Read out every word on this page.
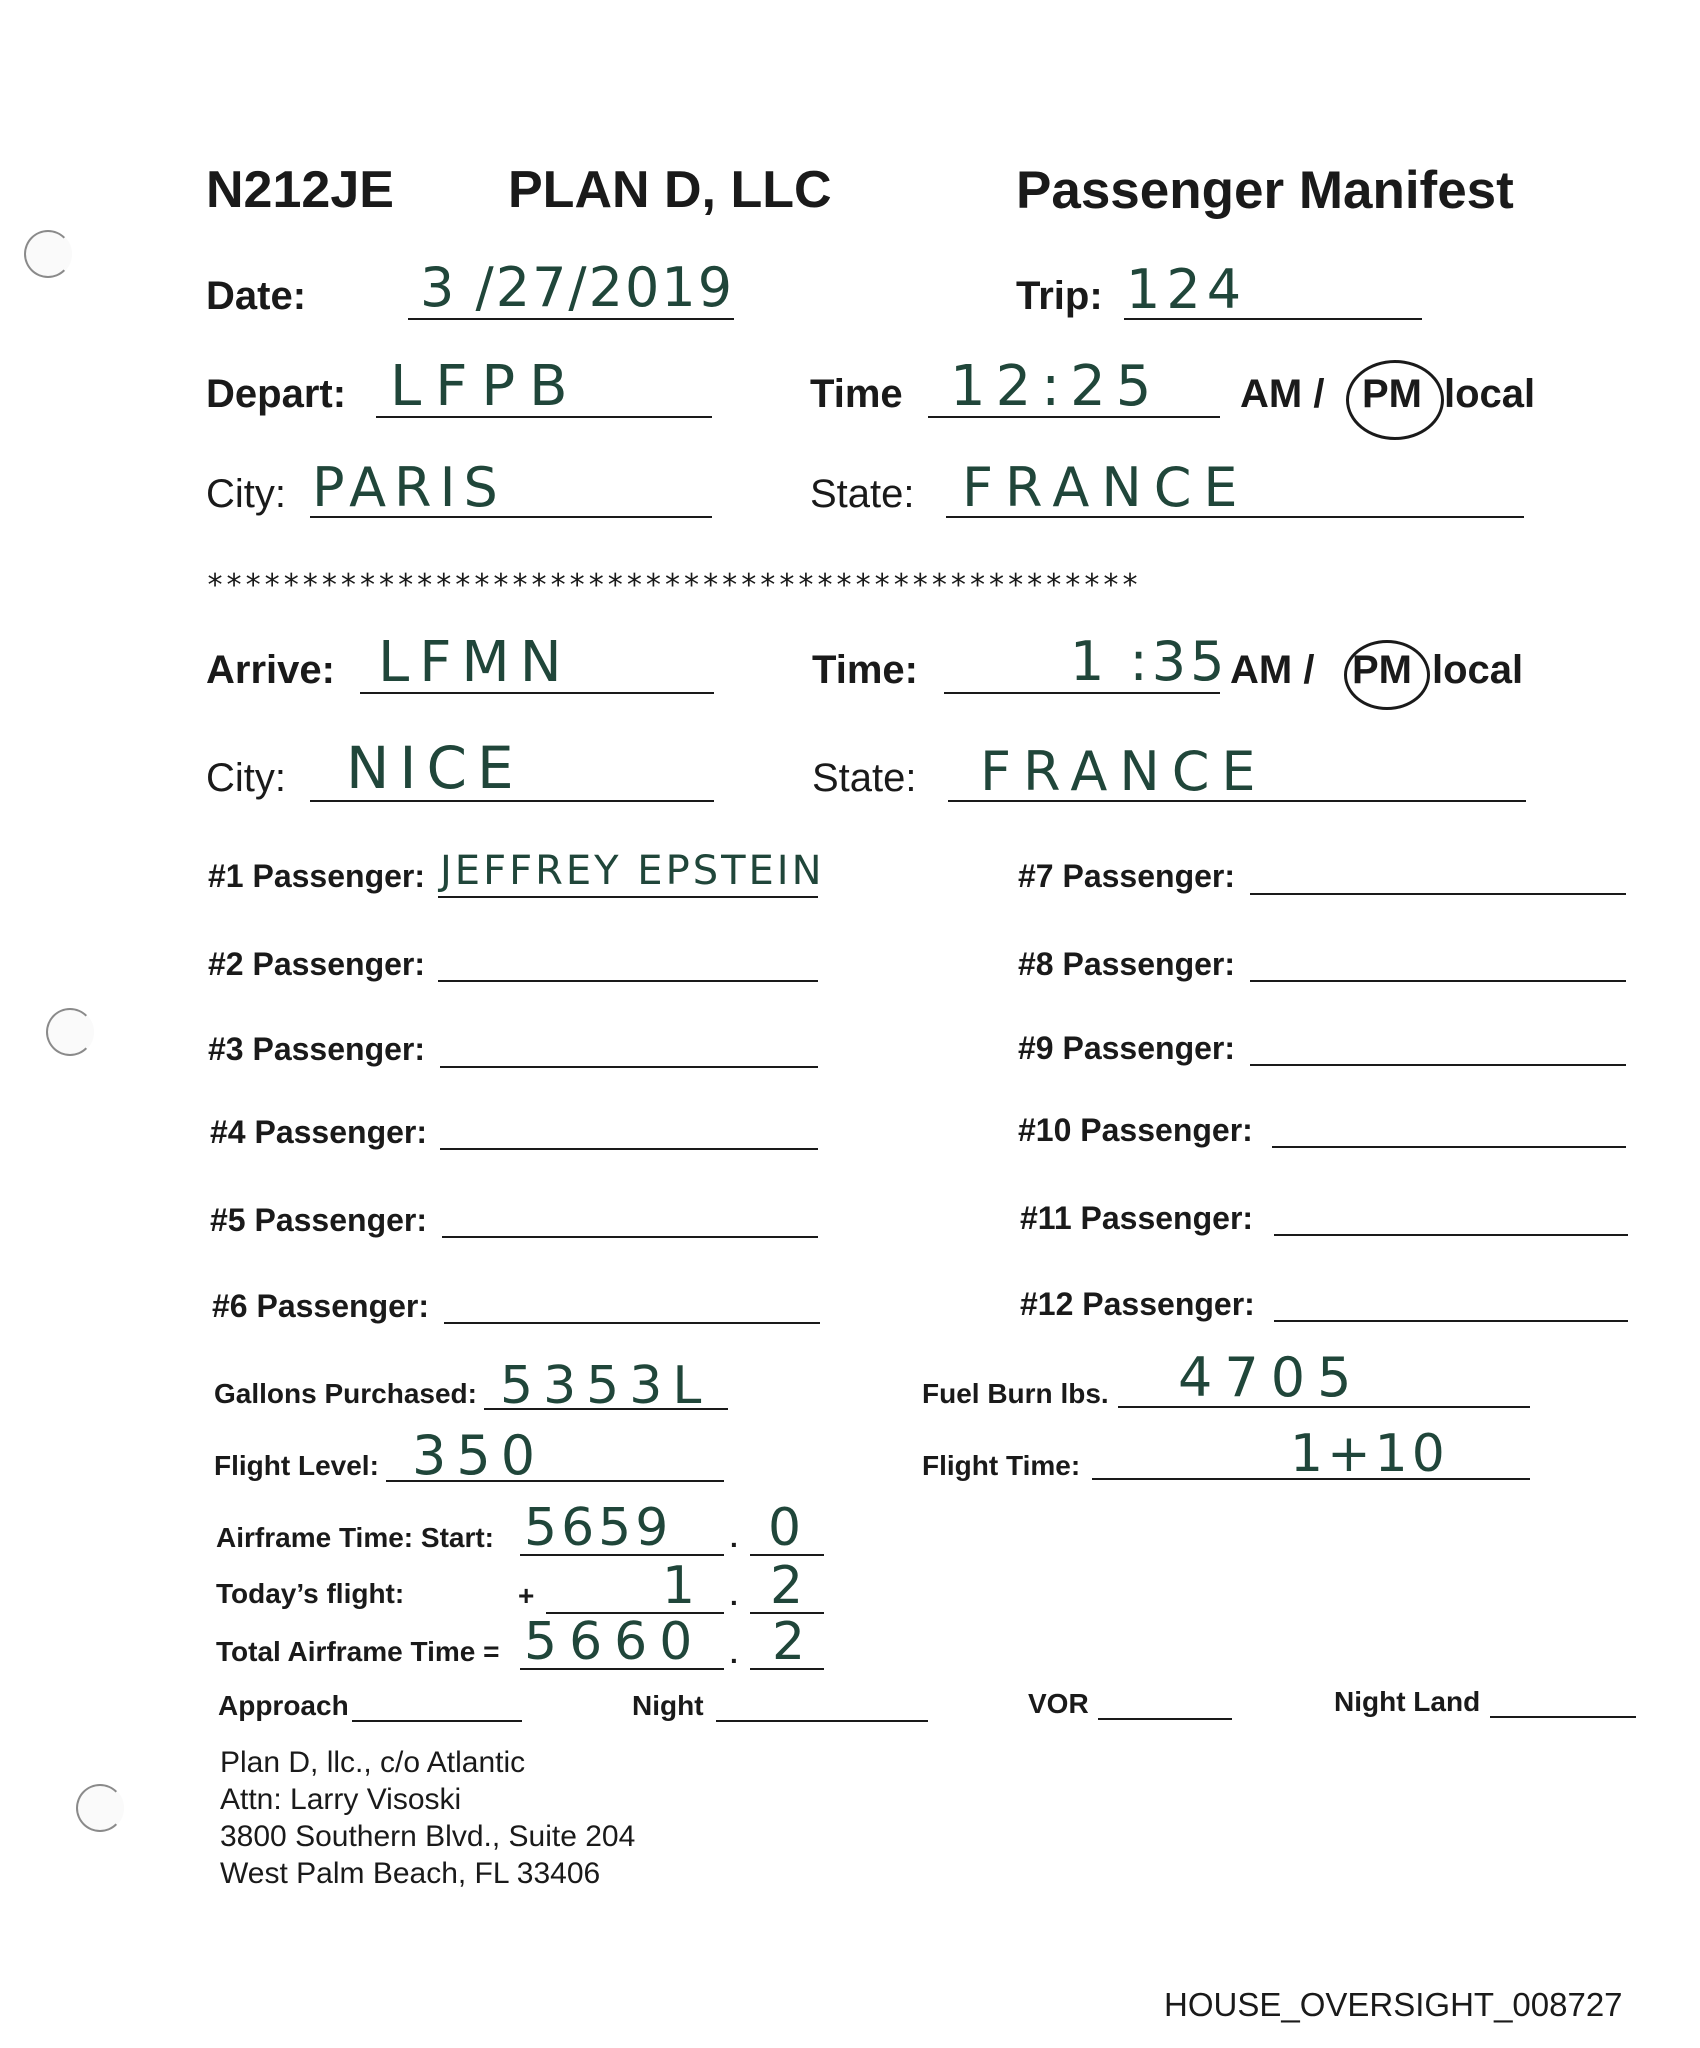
N212JE PLAN D, LLC	Passenger Manifest
Date: 3 /27/2019	Trip: 124
Depart: LFPB	Time 12:25 AM / PM local
City: PARIS	State: FRANCE
*************************************************
Arrive: LFMN	Time:	1 :35 AM / PM local
City: NICE	State: FRANCE
#1 Passenger: JEFFREY EPSTEIN
#2 Passenger:
#3 Passenger:
#4 Passenger:
#5 Passenger:
#6 Passenger:
#7 Passenger:
#8 Passenger:
#9 Passenger:
#10 Passenger:
#11 Passenger:
#12 Passenger:
Gallons Purchased: 5353L	Fuel Burn lbs. 4705
Flight Level: 350	Flight Time:	1+10
Airframe Time: Start: 5659 . 0
Today’s flight:	+ 1 . 2
Total Airframe Time = 5660 . 2
Approach	Night	VOR	Night Land
Plan D, llc., c/o Atlantic
Attn: Larry Visoski
3800 Southern Blvd., Suite 204
West Palm Beach, FL 33406
HOUSE_OVERSIGHT_008727
